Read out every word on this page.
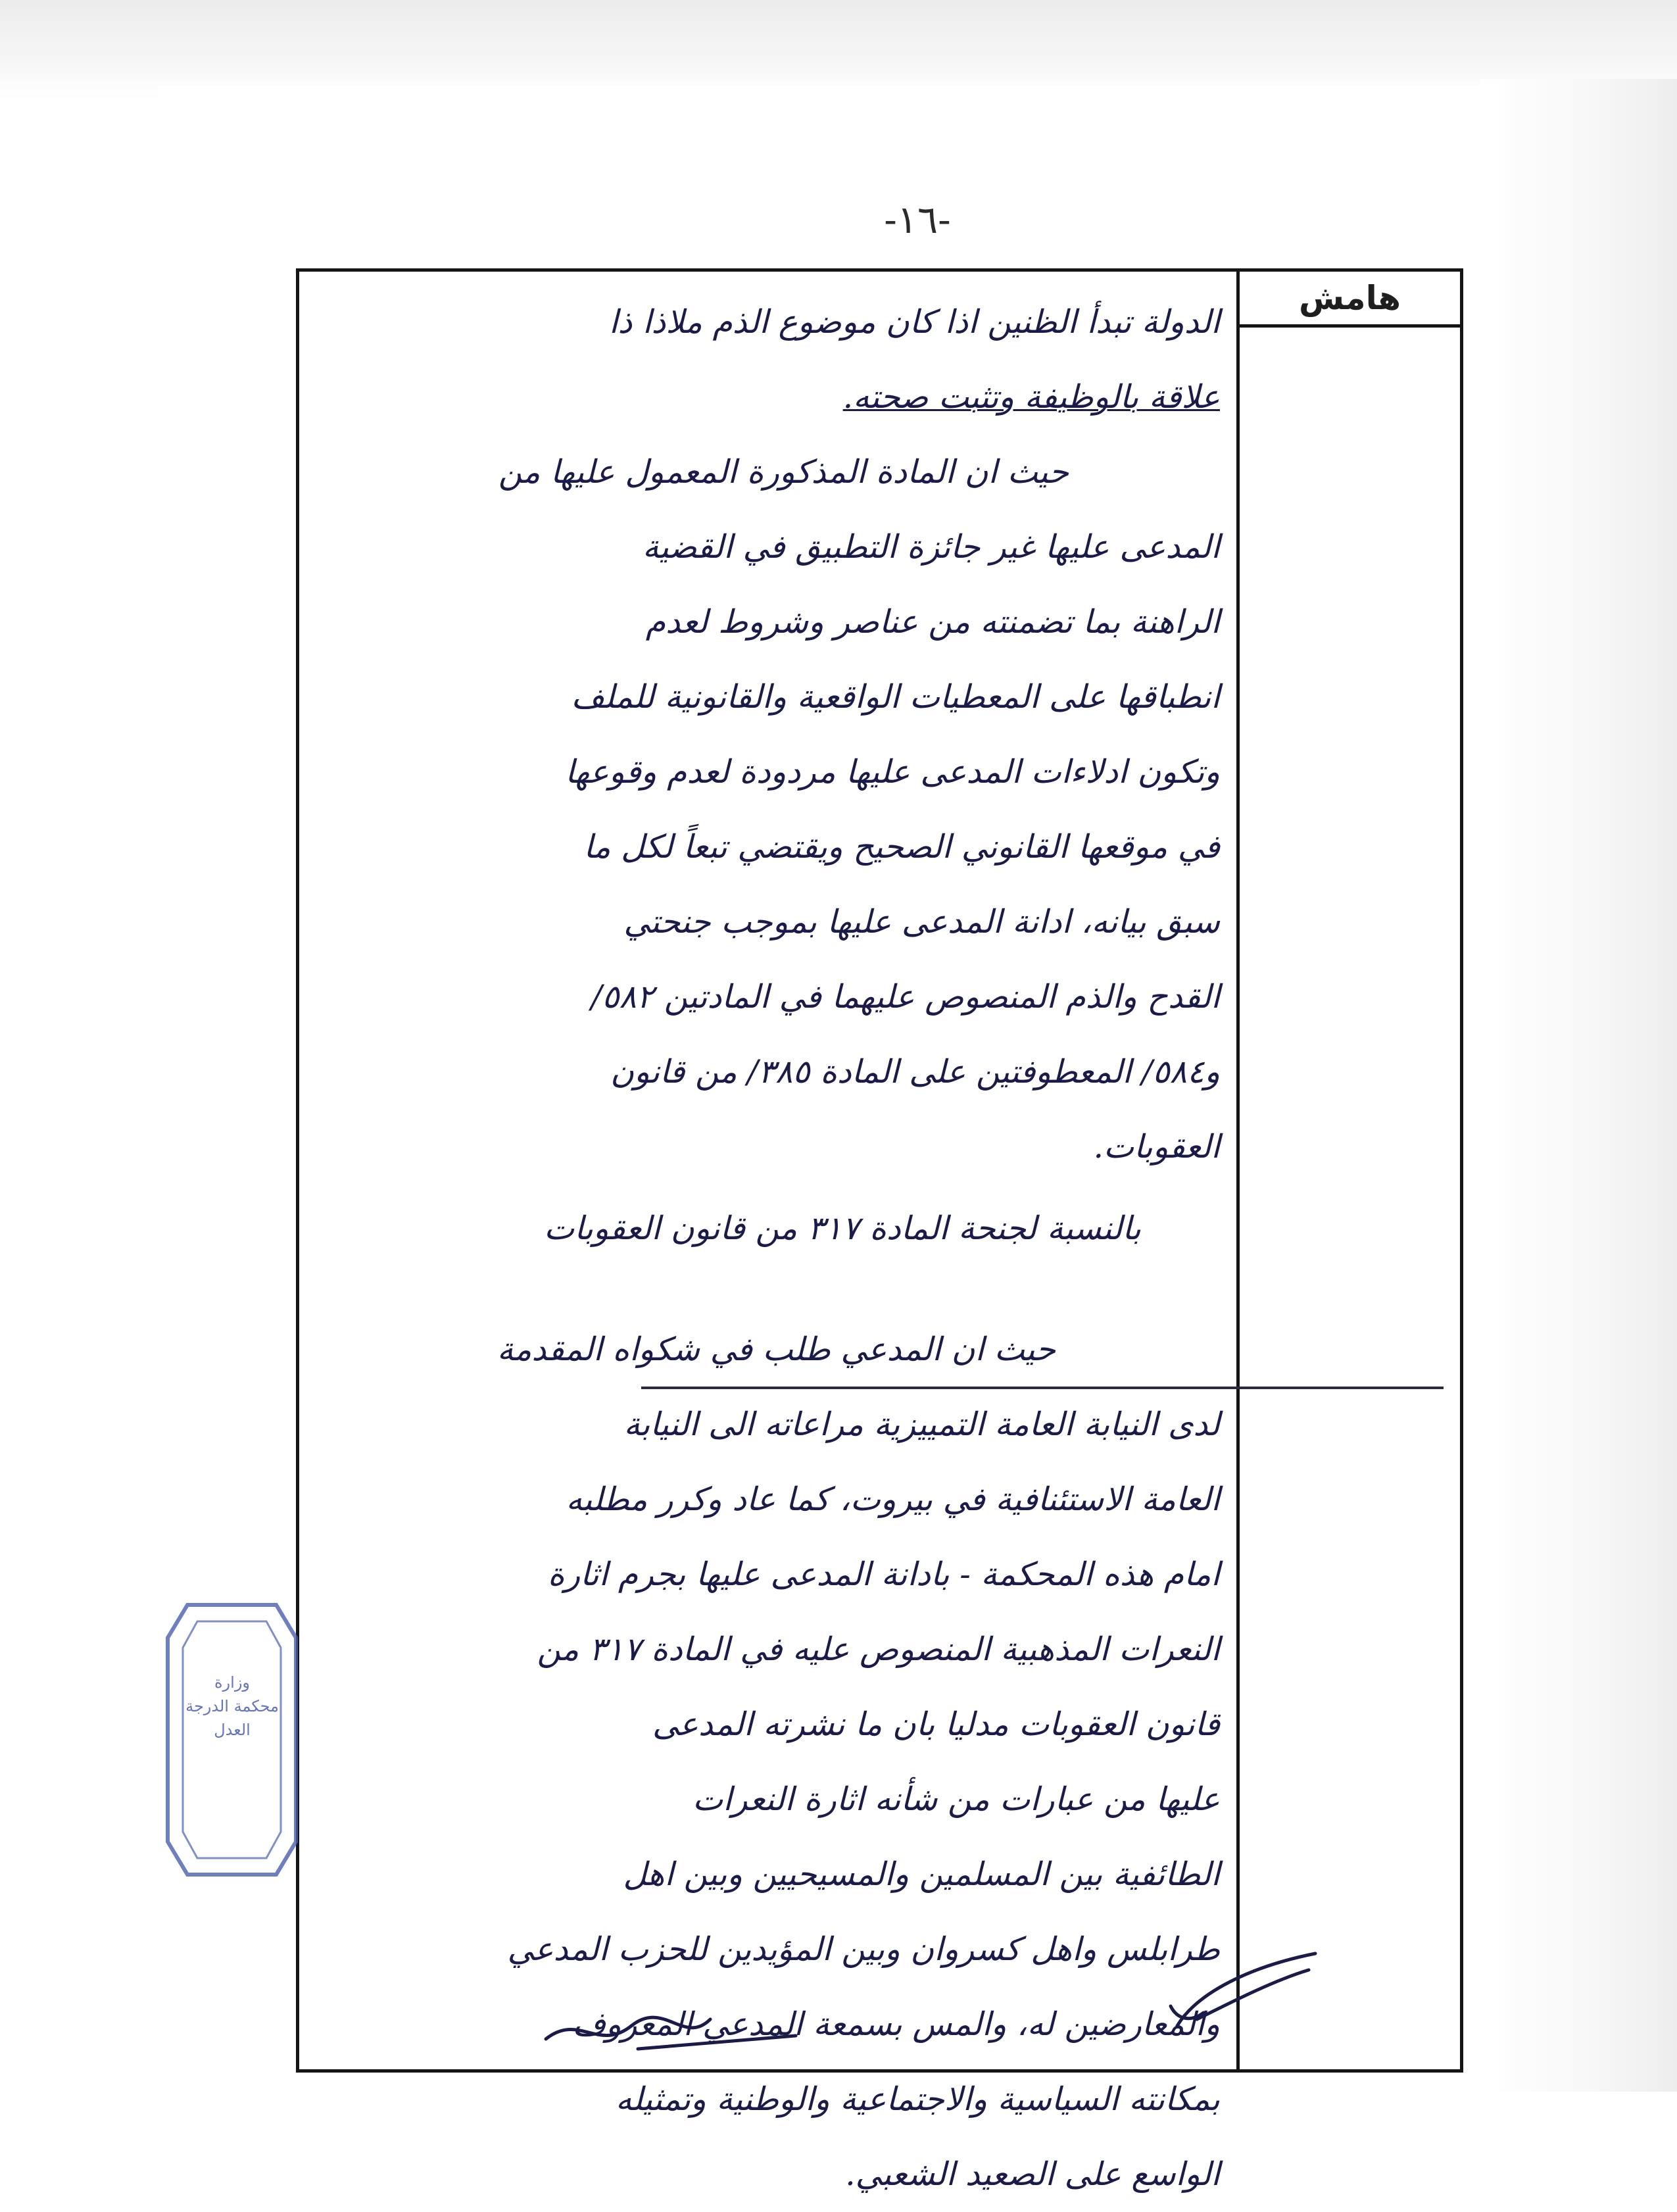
-١٦-
هامش
الدولة تبدأ الظنين اذا كان موضوع الذم ملاذا ذا
علاقة بالوظيفة وتثبت صحته.
حيث ان المادة المذكورة المعمول عليها من
المدعى عليها غير جائزة التطبيق في القضية
الراهنة بما تضمنته من عناصر وشروط لعدم
انطباقها على المعطيات الواقعية والقانونية للملف
وتكون ادلاءات المدعى عليها مردودة لعدم وقوعها
في موقعها القانوني الصحيح ويقتضي تبعاً لكل ما
سبق بيانه، ادانة المدعى عليها بموجب جنحتي
القدح والذم المنصوص عليهما في المادتين ٥٨٢/
و٥٨٤/ المعطوفتين على المادة ٣٨٥/ من قانون
العقوبات.
بالنسبة لجنحة المادة ٣١٧ من قانون العقوبات
حيث ان المدعي طلب في شكواه المقدمة
لدى النيابة العامة التمييزية مراعاته الى النيابة
العامة الاستئنافية في بيروت، كما عاد وكرر مطلبه
امام هذه المحكمة - بادانة المدعى عليها بجرم اثارة
النعرات المذهبية المنصوص عليه في المادة ٣١٧ من
قانون العقوبات مدليا بان ما نشرته المدعى
عليها من عبارات من شأنه اثارة النعرات
الطائفية بين المسلمين والمسيحيين وبين اهل
طرابلس واهل كسروان وبين المؤيدين للحزب المدعي
والمعارضين له، والمس بسمعة المدعي المعروف
بمكانته السياسية والاجتماعية والوطنية وتمثيله
الواسع على الصعيد الشعبي.
وزارة
محكمة الدرجة
العدل
